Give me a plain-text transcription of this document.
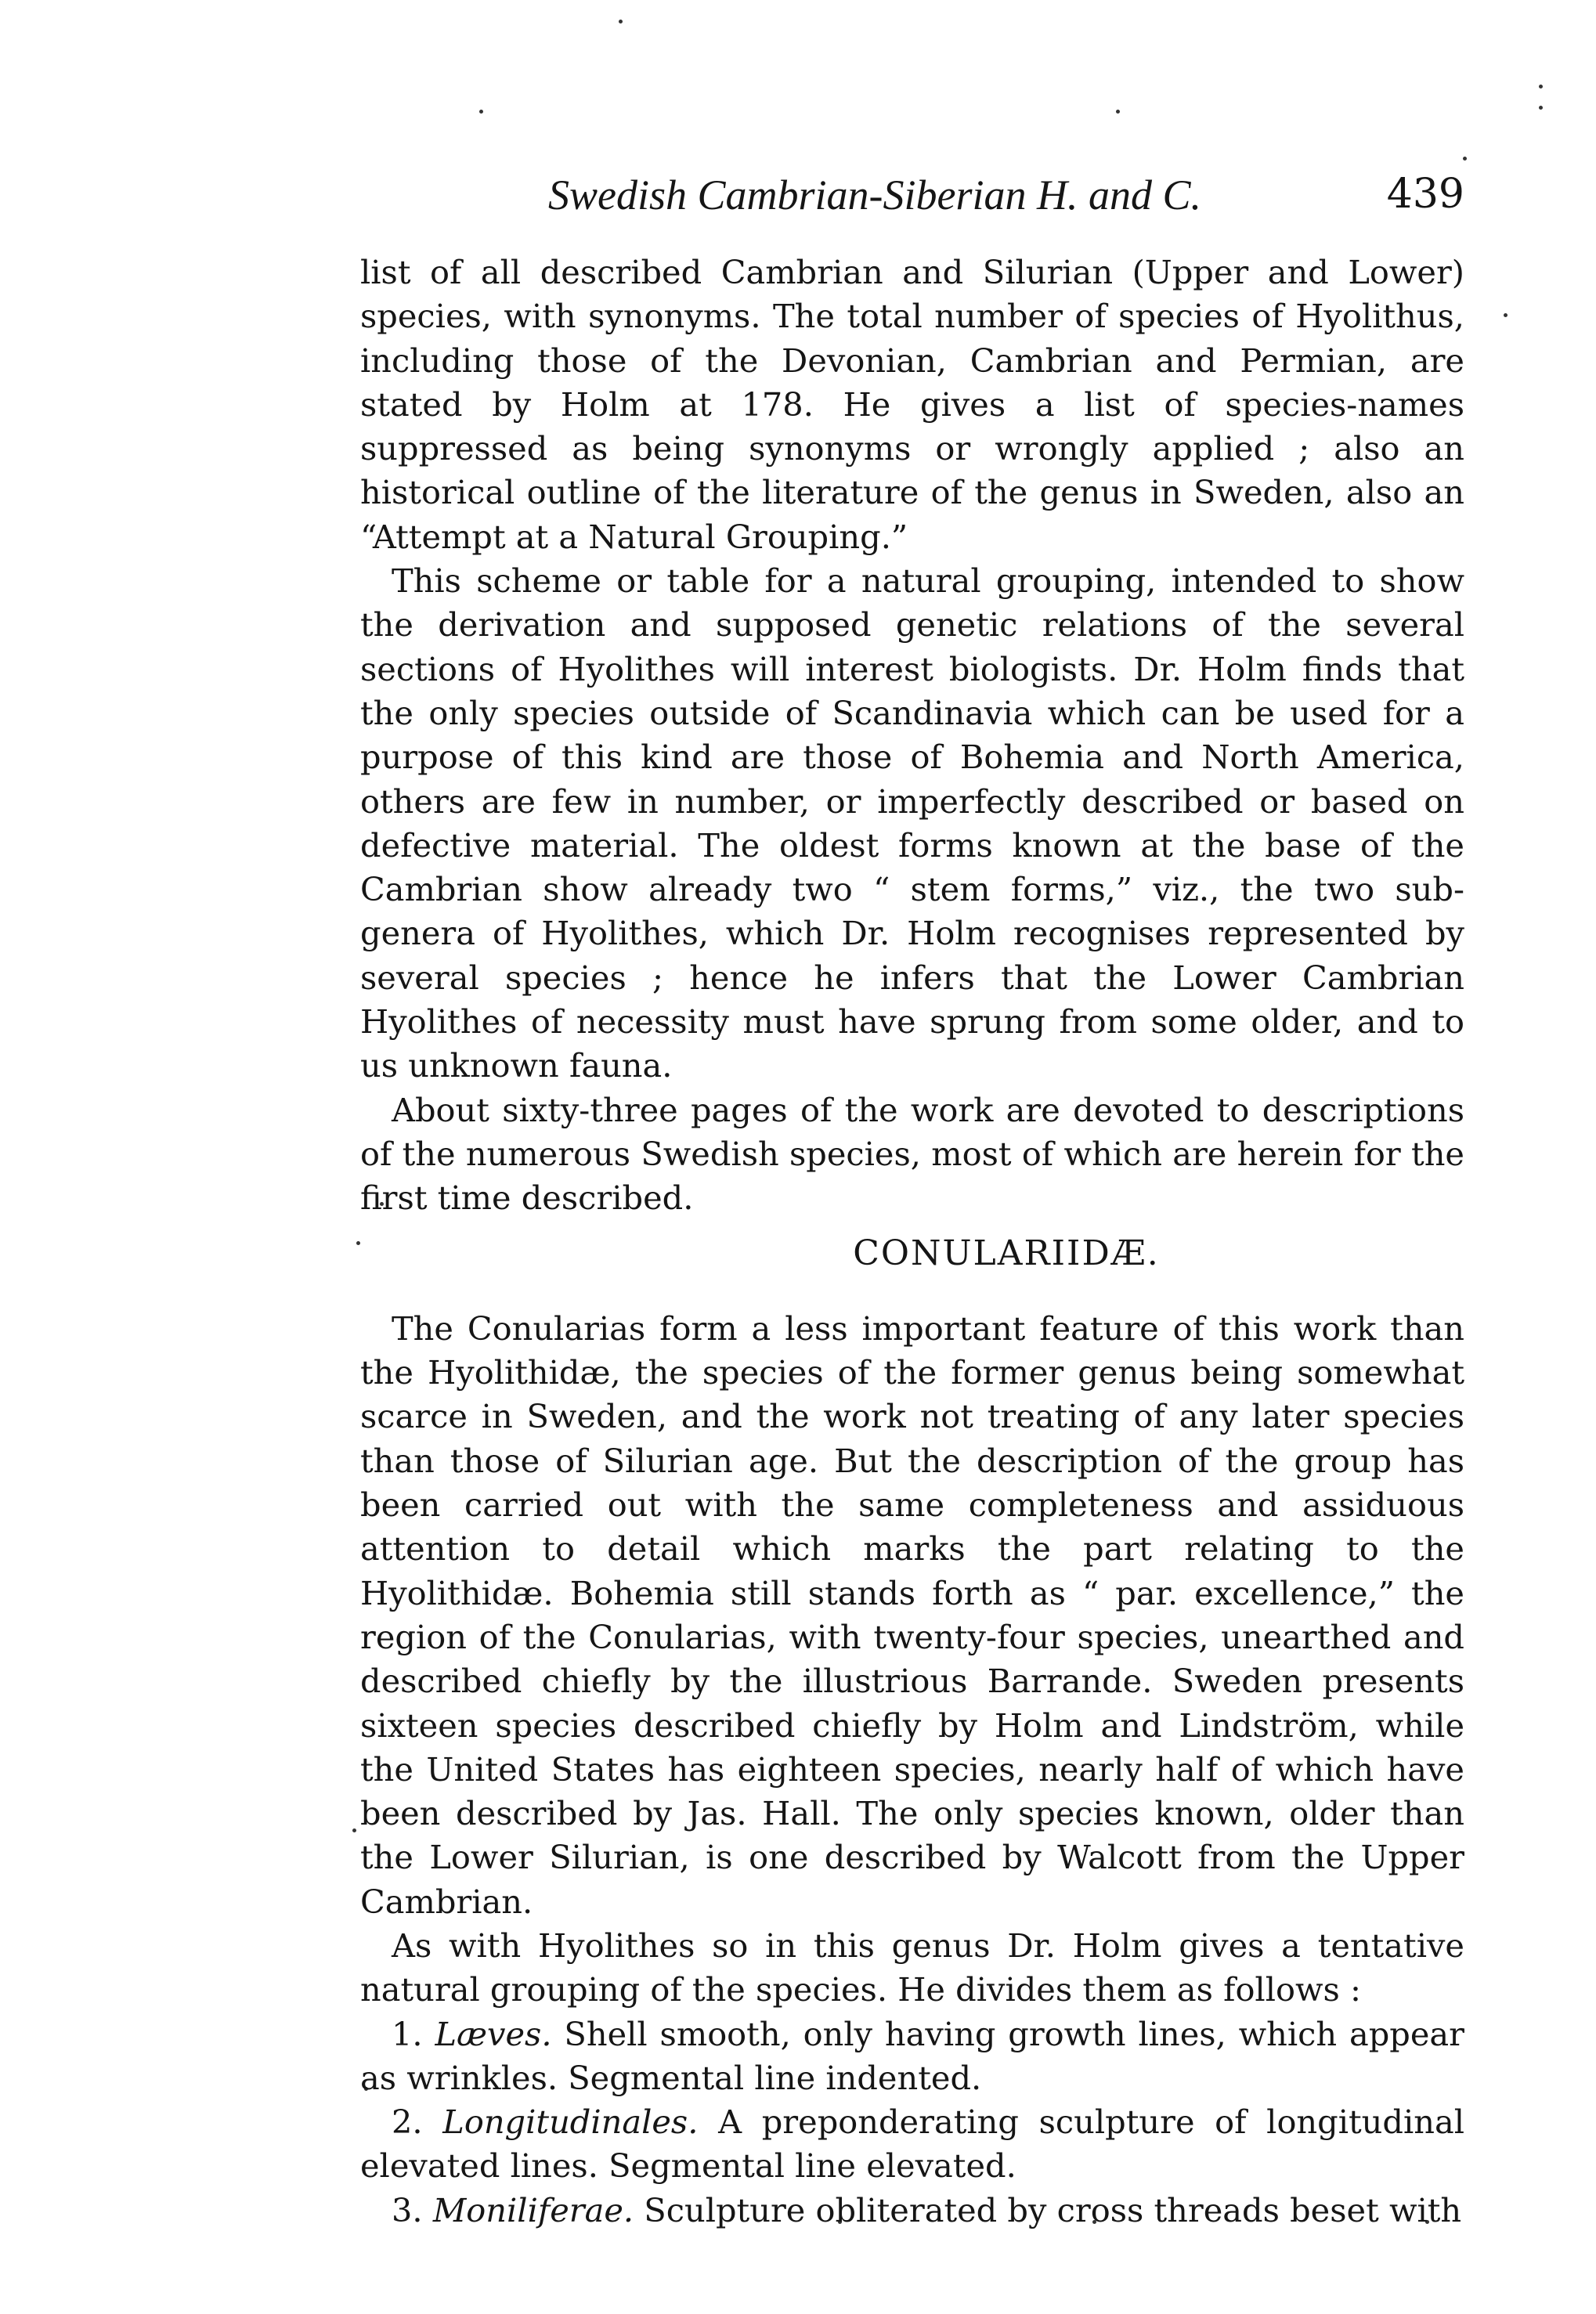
Swedish Cambrian-Siberian H. and C.	439

list of all described Cambrian and Silurian (Upper and Lower) species, with synonyms. The total number of species of Hyolithus, including those of the Devonian, Cambrian and Permian, are stated by Holm at 178. He gives a list of species-names suppressed as being synonyms or wrongly applied ; also an historical outline of the literature of the genus in Sweden, also an “Attempt at a Natural Grouping.”

This scheme or table for a natural grouping, intended to show the derivation and supposed genetic relations of the several sections of Hyolithes will interest biologists. Dr. Holm finds that the only species outside of Scandinavia which can be used for a purpose of this kind are those of Bohemia and North America, others are few in number, or imperfectly described or based on defective material. The oldest forms known at the base of the Cambrian show already two “ stem forms,” viz., the two sub-genera of Hyolithes, which Dr. Holm recognises represented by several species ; hence he infers that the Lower Cambrian Hyolithes of necessity must have sprung from some older, and to us unknown fauna.

About sixty-three pages of the work are devoted to descriptions of the numerous Swedish species, most of which are herein for the first time described.

CONULARIIDÆ.

The Conularias form a less important feature of this work than the Hyolithidæ, the species of the former genus being somewhat scarce in Sweden, and the work not treating of any later species than those of Silurian age. But the description of the group has been carried out with the same completeness and assiduous attention to detail which marks the part relating to the Hyolithidæ. Bohemia still stands forth as “ par. excellence,” the region of the Conularias, with twenty-four species, unearthed and described chiefly by the illustrious Barrande. Sweden presents sixteen species described chiefly by Holm and Lindström, while the United States has eighteen species, nearly half of which have been described by Jas. Hall. The only species known, older than the Lower Silurian, is one described by Walcott from the Upper Cambrian.

As with Hyolithes so in this genus Dr. Holm gives a tentative natural grouping of the species. He divides them as follows :

1. Læves. Shell smooth, only having growth lines, which appear as wrinkles. Segmental line indented.

2. Longitudinales. A preponderating sculpture of longitudinal elevated lines. Segmental line elevated.

3. Moniliferae. Sculpture obliterated by cross threads beset with
